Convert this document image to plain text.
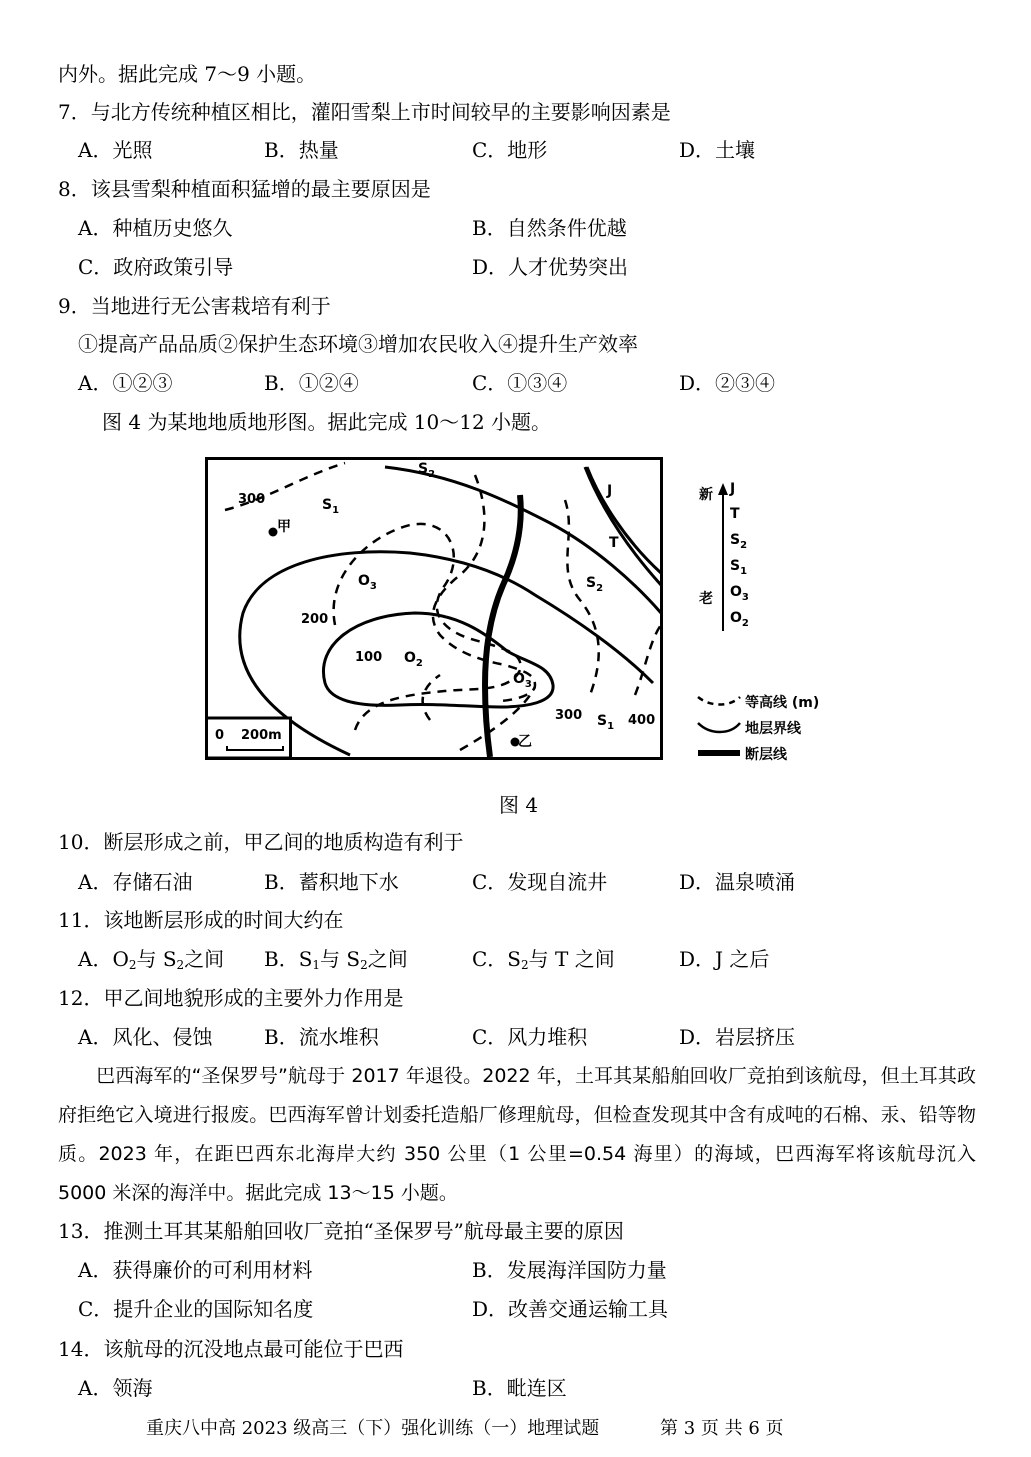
内外。据此完成 7～9 小题。
7．与北方传统种植区相比，灌阳雪梨上市时间较早的主要影响因素是
A．光照	B．热量	C．地形	D．土壤
8．该县雪梨种植面积猛增的最主要原因是
A．种植历史悠久	B．自然条件优越
C．政府政策引导	D．人才优势突出
9．当地进行无公害栽培有利于
①提高产品品质②保护生态环境③增加农民收入④提升生产效率
A．①②③	B．①②④	C．①③④	D．②③④
图 4 为某地地质地形图。据此完成 10～12 小题。
300
200
100
300	400
$S_2$
$S_1$
J
T
$S_2$
$O_3$
$O_2$
$O_3$
$S_1$
甲
乙
0 200m
新
老
J
T
$S_2$
$S_1$
$O_3$
$O_2$
等高线 (m)
地层界线
断层线
图 4
10．断层形成之前，甲乙间的地质构造有利于
A．存储石油	B．蓄积地下水	C．发现自流井	D．温泉喷涌
11．该地断层形成的时间大约在
A．$O_2$与 $S_2$之间 B．$S_1$与 $S_2$之间	C．$S_2$与 T 之间	D．J 之后
12．甲乙间地貌形成的主要外力作用是
A．风化、侵蚀	B．流水堆积	C．风力堆积	D．岩层挤压
巴西海军的“圣保罗号”航母于 2017 年退役。2022 年，土耳其某船舶回收厂竞拍到该航母，但土耳其政府拒绝它入境进行报废。巴西海军曾计划委托造船厂修理航母，但检查发现其中含有成吨的石棉、汞、铅等物质。2023 年，在距巴西东北海岸大约 350 公里（1 公里=0.54 海里）的海域，巴西海军将该航母沉入 5000 米深的海洋中。据此完成 13～15 小题。
13．推测土耳其某船舶回收厂竞拍“圣保罗号”航母最主要的原因
A．获得廉价的可利用材料	B．发展海洋国防力量
C．提升企业的国际知名度	D．改善交通运输工具
14．该航母的沉没地点最可能位于巴西
A．领海	B．毗连区
重庆八中高 2023 级高三（下）强化训练（一）地理试题	第 3 页 共 6 页
